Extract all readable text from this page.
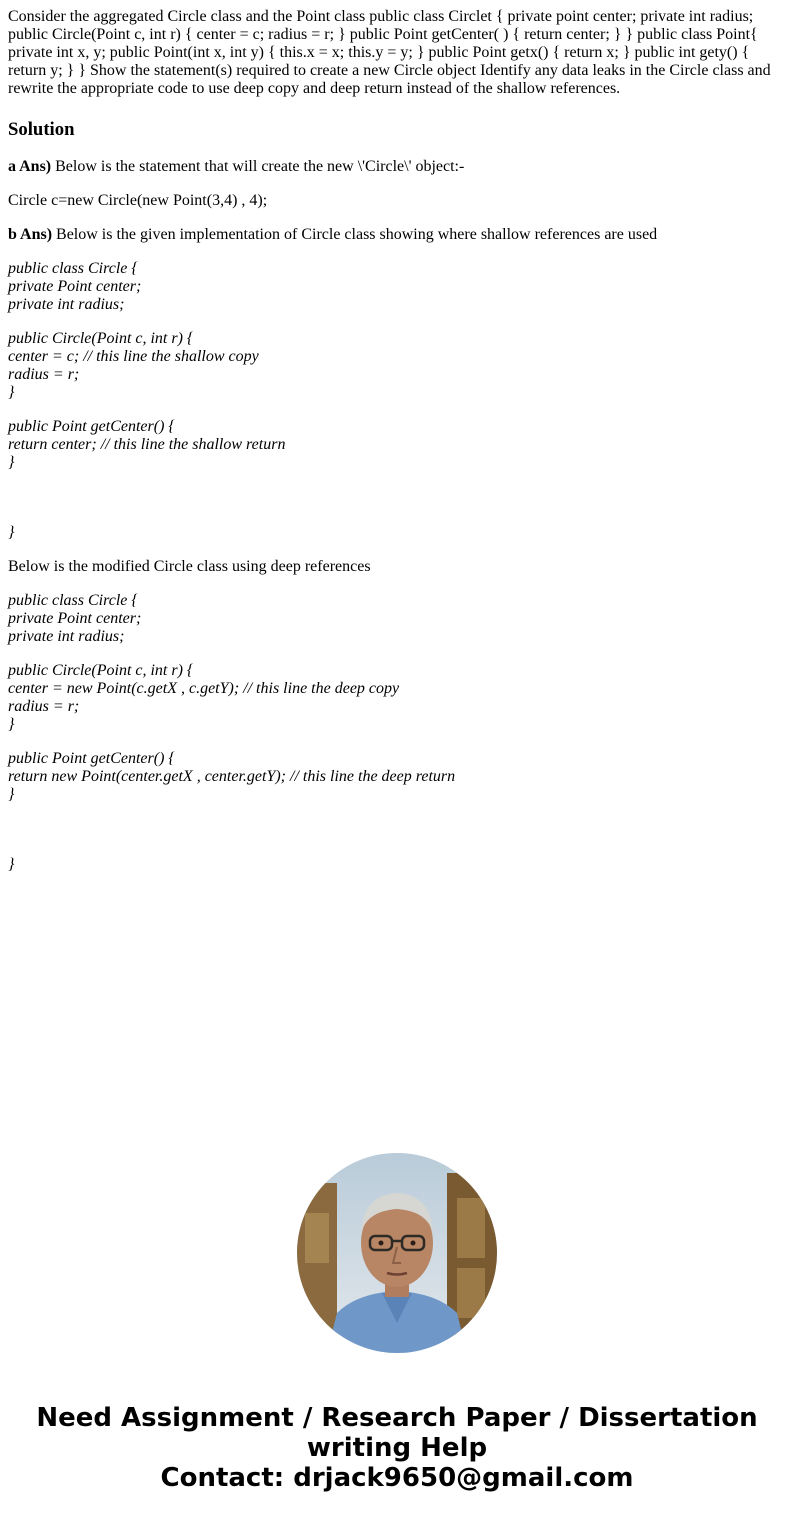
Consider the aggregated Circle class and the Point class public class Circlet { private point center; private int radius; public Circle(Point c, int r) { center = c; radius = r; } public Point getCenter( ) { return center; } } public class Point{ private int x, y; public Point(int x, int y) { this.x = x; this.y = y; } public Point getx() { return x; } public int gety() { return y; } } Show the statement(s) required to create a new Circle object Identify any data leaks in the Circle class and rewrite the appropriate code to use deep copy and deep return instead of the shallow references.

Solution

a Ans) Below is the statement that will create the new \'Circle\' object:-

Circle c=new Circle(new Point(3,4) , 4);

b Ans) Below is the given implementation of Circle class showing where shallow references are used

public class Circle {
private Point center;
private int radius;
public Circle(Point c, int r) {
center = c; // this line the shallow copy
radius = r;
}
public Point getCenter() {
return center; // this line the shallow return
}
}

Below is the modified Circle class using deep references

public class Circle {
private Point center;
private int radius;
public Circle(Point c, int r) {
center = new Point(c.getX , c.getY); // this line the deep copy
radius = r;
}
public Point getCenter() {
return new Point(center.getX , center.getY); // this line the deep return
}
}
Need Assignment / Research Paper / Dissertation
writing Help
Contact: drjack9650@gmail.com
